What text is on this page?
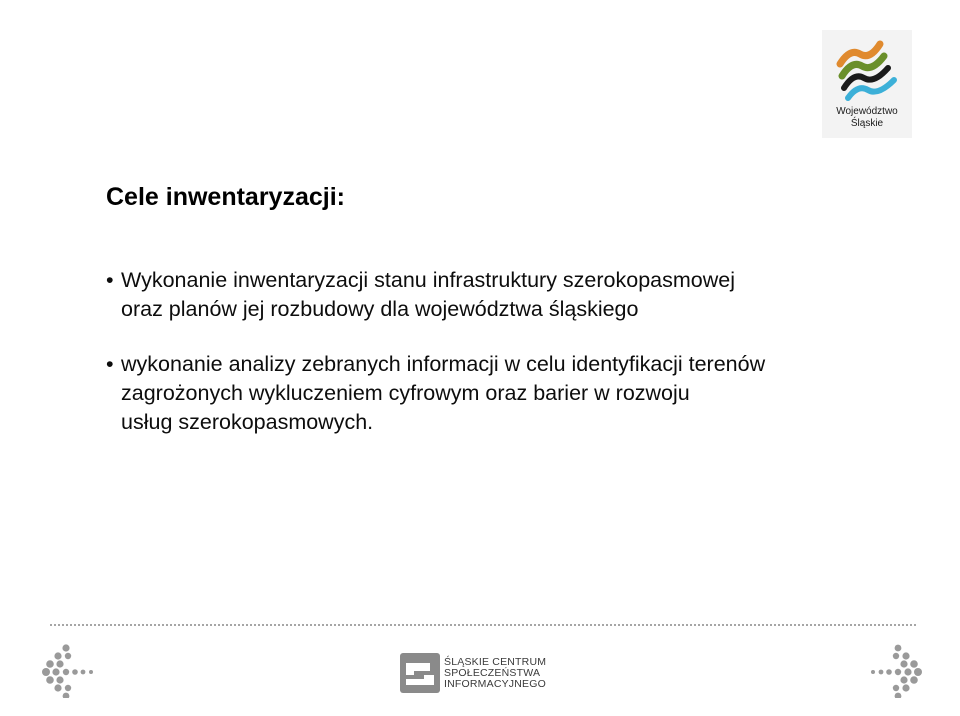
Województwo
Śląskie
Cele inwentaryzacji:
• Wykonanie inwentaryzacji stanu infrastruktury szerokopasmowej
oraz planów jej rozbudowy dla województwa śląskiego
• wykonanie analizy zebranych informacji w celu identyfikacji terenów
zagrożonych wykluczeniem cyfrowym oraz barier w rozwoju
usług szerokopasmowych.
ŚLĄSKIE CENTRUM
SPOŁECZEŃSTWA
INFORMACYJNEGO
